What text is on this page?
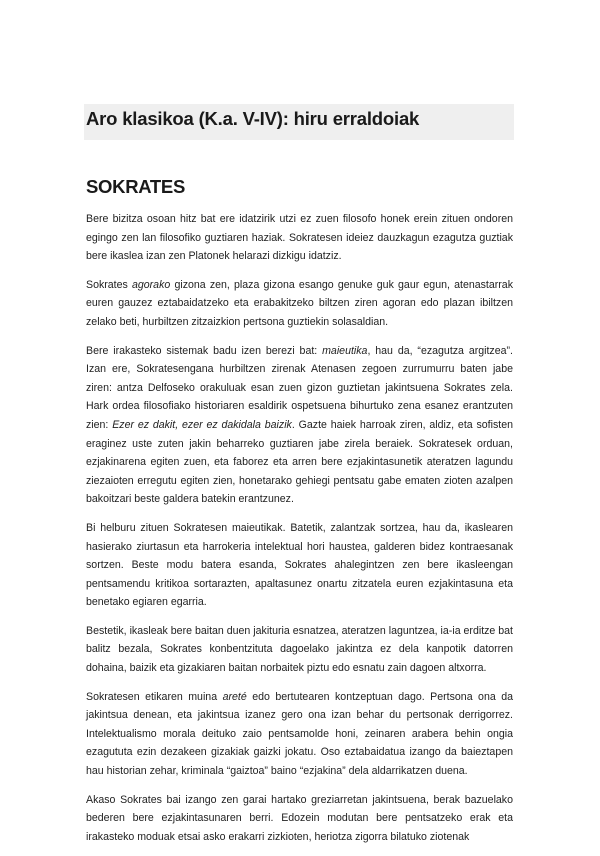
Aro klasikoa (K.a. V-IV): hiru erraldoiak
SOKRATES

Bere bizitza osoan hitz bat ere idatzirik utzi ez zuen filosofo honek erein zituen ondoren egingo zen lan filosofiko guztiaren haziak. Sokratesen ideiez dauzkagun ezagutza guztiak bere ikaslea izan zen Platonek helarazi dizkigu idatziz.

Sokrates agorako gizona zen, plaza gizona esango genuke guk gaur egun, atenastarrak euren gauzez eztabaidatzeko eta erabakitzeko biltzen ziren agoran edo plazan ibiltzen zelako beti, hurbiltzen zitzaizkion pertsona guztiekin solasaldian.

Bere irakasteko sistemak badu izen berezi bat: maieutika, hau da, “ezagutza argitzea”. Izan ere, Sokratesengana hurbiltzen zirenak Atenasen zegoen zurrumurru baten jabe ziren: antza Delfoseko orakuluak esan zuen gizon guztietan jakintsuena Sokrates zela. Hark ordea filosofiako historiaren esaldirik ospetsuena bihurtuko zena esanez erantzuten zien: Ezer ez dakit, ezer ez dakidala baizik. Gazte haiek harroak ziren, aldiz, eta sofisten eraginez uste zuten jakin beharreko guztiaren jabe zirela beraiek. Sokratesek orduan, ezjakinarena egiten zuen, eta faborez eta arren bere ezjakintasunetik ateratzen lagundu ziezaioten erregutu egiten zien, honetarako gehiegi pentsatu gabe ematen zioten azalpen bakoitzari beste galdera batekin erantzunez.

Bi helburu zituen Sokratesen maieutikak. Batetik, zalantzak sortzea, hau da, ikaslearen hasierako ziurtasun eta harrokeria intelektual hori haustea, galderen bidez kontraesanak sortzen. Beste modu batera esanda, Sokrates ahalegintzen zen bere ikasleengan pentsamendu kritikoa sortarazten, apaltasunez onartu zitzatela euren ezjakintasuna eta benetako egiaren egarria.

Bestetik, ikasleak bere baitan duen jakituria esnatzea, ateratzen laguntzea, ia-ia erditze bat balitz bezala, Sokrates konbentzituta dagoelako jakintza ez dela kanpotik datorren dohaina, baizik eta gizakiaren baitan norbaitek piztu edo esnatu zain dagoen altxorra.

Sokratesen etikaren muina areté edo bertutearen kontzeptuan dago. Pertsona ona da jakintsua denean, eta jakintsua izanez gero ona izan behar du pertsonak derrigorrez. Intelektualismo morala deituko zaio pentsamolde honi, zeinaren arabera behin ongia ezagututa ezin dezakeen gizakiak gaizki jokatu. Oso eztabaidatua izango da baieztapen hau historian zehar, kriminala “gaiztoa” baino “ezjakina” dela aldarrikatzen duena.

Akaso Sokrates bai izango zen garai hartako greziarretan jakintsuena, berak bazuelako bederen bere ezjakintasunaren berri. Edozein modutan bere pentsatzeko erak eta irakasteko moduak etsai asko erakarri zizkioten, heriotza zigorra bilatuko ziotenak
